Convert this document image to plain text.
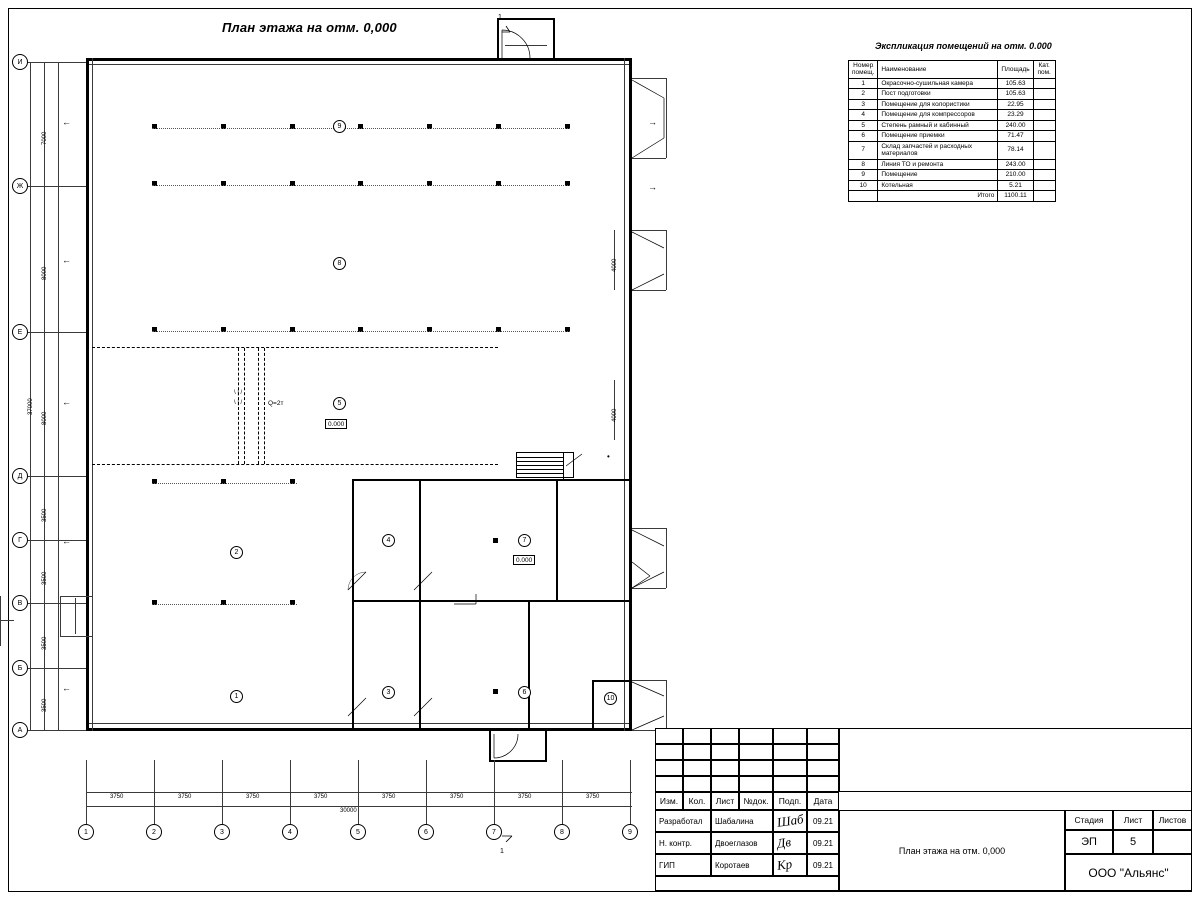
План этажа на отм. 0,000
Экспликация помещений на отм. 0.000
Номер помещ.	Наименование	Площадь	Кат. пом.
1	Окрасочно-сушильная камера	105.63	
2	Пост подготовки	105.63	
3	Помещение для колористики	22.95	
4	Помещение для компрессоров	23.29	
5	Степень рамный и кабинный	240.00	
6	Помещение приемки	71.47	
7	Склад запчастей и расходных материалов	78.14	
8	Линия ТО и ремонта	243.00	
9	Помещение	210.00	
10	Котельная	5.21	
	Итого	1100.11	
И
Ж
Е
Д
Г
В
Б
А
7000
8000
8000
3500
3500
3500
3500
37000
4000
4000
←
←
←
←
←
→
→
\ | /
\ | /	Q=2т
•
9
8
5
2
4	7
1
3	6
10
0.000
0.000
3750	3750	3750	3750	3750	3750	3750	3750
30000
1	2	3	4	5	6	7	8	9
1
1
Изм.	Кол.	Лист	№док.	Подп.	Дата
Разработал	Шабалина	Шаб	09.21
Н. контр.	Двоеглазов	Дв	09.21
ГИП	Коротаев	Кр	09.21
План этажа на отм. 0,000
Стадия	Лист	Листов
ЭП	5
ООО "Альянс"
